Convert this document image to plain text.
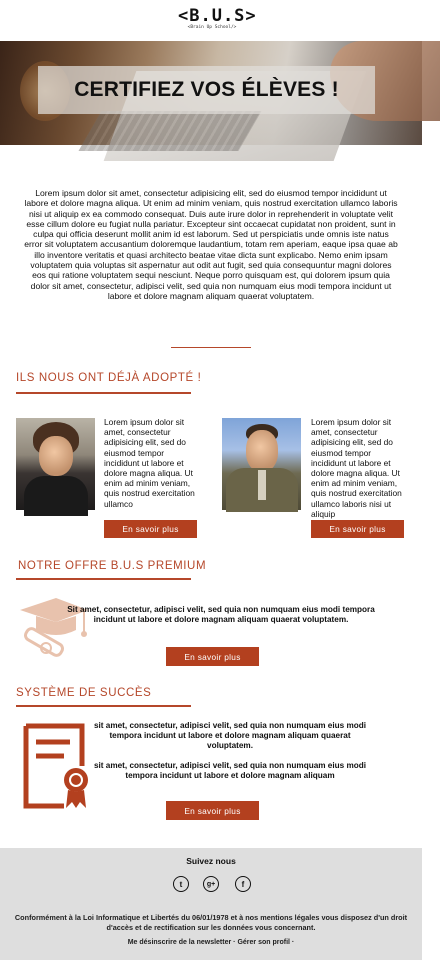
<B.U.S>
<Brain Up School/>
CERTIFIEZ VOS ÉLÈVES !

Lorem ipsum dolor sit amet, consectetur adipisicing elit, sed do eiusmod tempor incididunt ut labore et dolore magna aliqua. Ut enim ad minim veniam, quis nostrud exercitation ullamco laboris nisi ut aliquip ex ea commodo consequat. Duis aute irure dolor in reprehenderit in voluptate velit esse cillum dolore eu fugiat nulla pariatur. Excepteur sint occaecat cupidatat non proident, sunt in culpa qui officia deserunt mollit anim id est laborum. Sed ut perspiciatis unde omnis iste natus error sit voluptatem accusantium doloremque laudantium, totam rem aperiam, eaque ipsa quae ab illo inventore veritatis et quasi architecto beatae vitae dicta sunt explicabo. Nemo enim ipsam voluptatem quia voluptas sit aspernatur aut odit aut fugit, sed quia consequuntur magni dolores eos qui ratione voluptatem sequi nesciunt. Neque porro quisquam est, qui dolorem ipsum quia dolor sit amet, consectetur, adipisci velit, sed quia non numquam eius modi tempora incidunt ut labore et dolore magnam aliquam quaerat voluptatem.

ILS NOUS ONT DÉJÀ ADOPTÉ !

Lorem ipsum dolor sit amet, consectetur adipisicing elit, sed do eiusmod tempor incididunt ut labore et dolore magna aliqua. Ut enim ad minim veniam, quis nostrud exercitation ullamco

En savoir plus

Lorem ipsum dolor sit amet, consectetur adipisicing elit, sed do eiusmod tempor incididunt ut labore et dolore magna aliqua. Ut enim ad minim veniam, quis nostrud exercitation ullamco laboris nisi ut aliquip

En savoir plus
NOTRE OFFRE B.U.S PREMIUM

Sit amet, consectetur, adipisci velit, sed quia non numquam eius modi tempora incidunt ut labore et dolore magnam aliquam quaerat voluptatem.

En savoir plus
SYSTÈME DE SUCCÈS

sit amet, consectetur, adipisci velit, sed quia non numquam eius modi tempora incidunt ut labore et dolore magnam aliquam quaerat voluptatem.

sit amet, consectetur, adipisci velit, sed quia non numquam eius modi tempora incidunt ut labore et dolore magnam aliquam

En savoir plus
Suivez nous
t	g+	f

Conformément à la Loi Informatique et Libertés du 06/01/1978 et à nos mentions légales vous disposez d'un droit d'accès et de rectification sur les données vous concernant.

Me désinscrire de la newsletter · Gérer son profil ·
